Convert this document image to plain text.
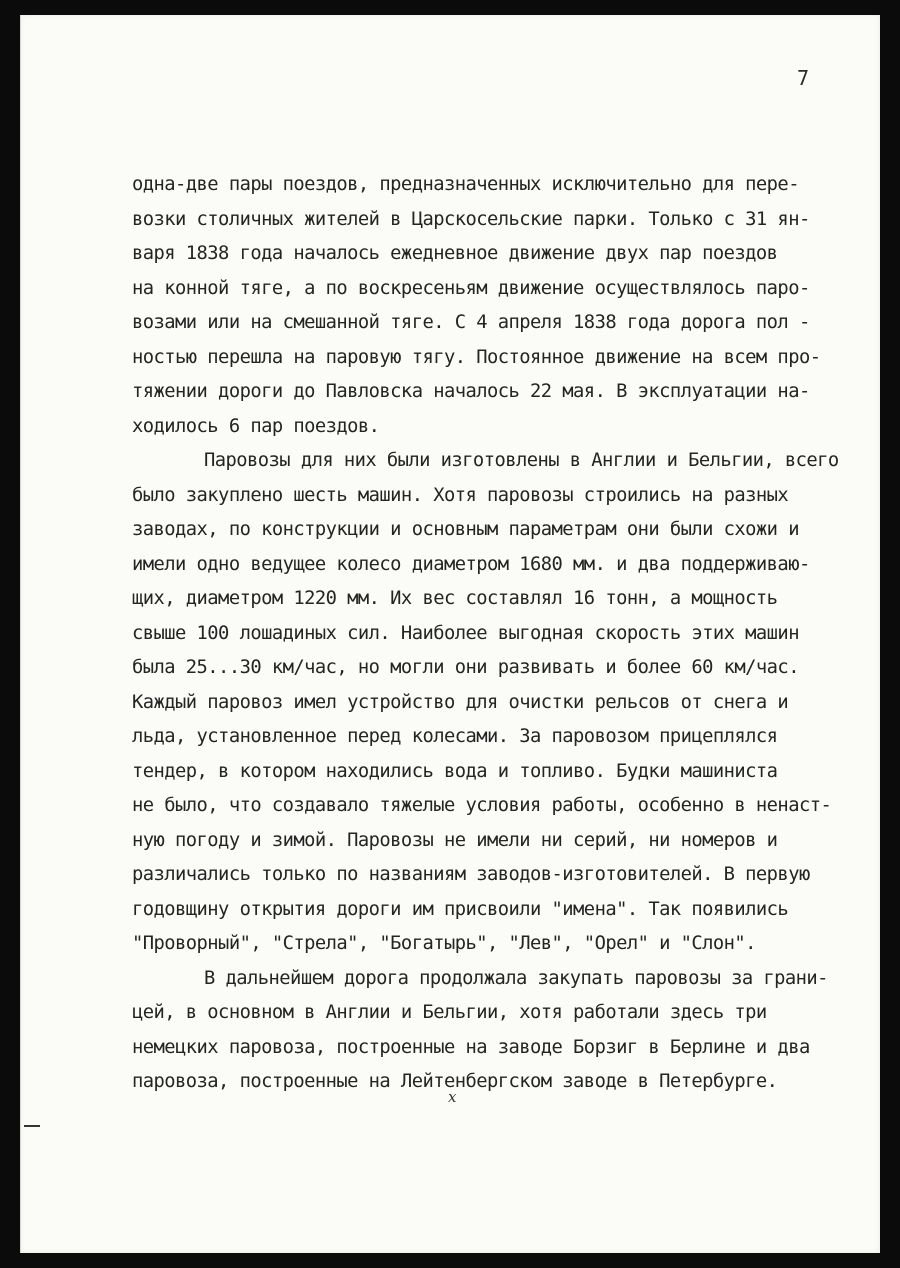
7
одна-две пары поездов, предназначенных исключительно для пере-
возки столичных жителей в Царскосельские парки. Только с 31 ян-
варя 1838 года началось ежедневное движение двух пар поездов
на конной тяге, а по воскресеньям движение осуществлялось паро-
возами или на смешанной тяге. С 4 апреля 1838 года дорога пол -
ностью перешла на паровую тягу. Постоянное движение на всем про-
тяжении дороги до Павловска началось 22 мая. В эксплуатации на-
ходилось 6 пар поездов.
Паровозы для них были изготовлены в Англии и Бельгии, всего
было закуплено шесть машин. Хотя паровозы строились на разных
заводах, по конструкции и основным параметрам они были схожи и
имели одно ведущее колесо диаметром 1680 мм. и два поддерживаю-
щих, диаметром 1220 мм. Их вес составлял 16 тонн, а мощность
свыше 100 лошадиных сил. Наиболее выгодная скорость этих машин
была 25...30 км/час, но могли они развивать и более 60 км/час.
Каждый паровоз имел устройство для очистки рельсов от снега и
льда, установленное перед колесами. За паровозом прицеплялся
тендер, в котором находились вода и топливо. Будки машиниста
не было, что создавало тяжелые условия работы, особенно в ненаст-
ную погоду и зимой. Паровозы не имели ни серий, ни номеров и
различались только по названиям заводов-изготовителей. В первую
годовщину открытия дороги им присвоили "имена". Так появились
"Проворный", "Стрела", "Богатырь", "Лев", "Орел" и "Слон".
В дальнейшем дорога продолжала закупать паровозы за грани-
цей, в основном в Англии и Бельгии, хотя работали здесь три
немецких паровоза, построенные на заводе Борзиг в Берлине и два
паровоза, построенные на Лейтенбергском заводе в Петербурге.
x
